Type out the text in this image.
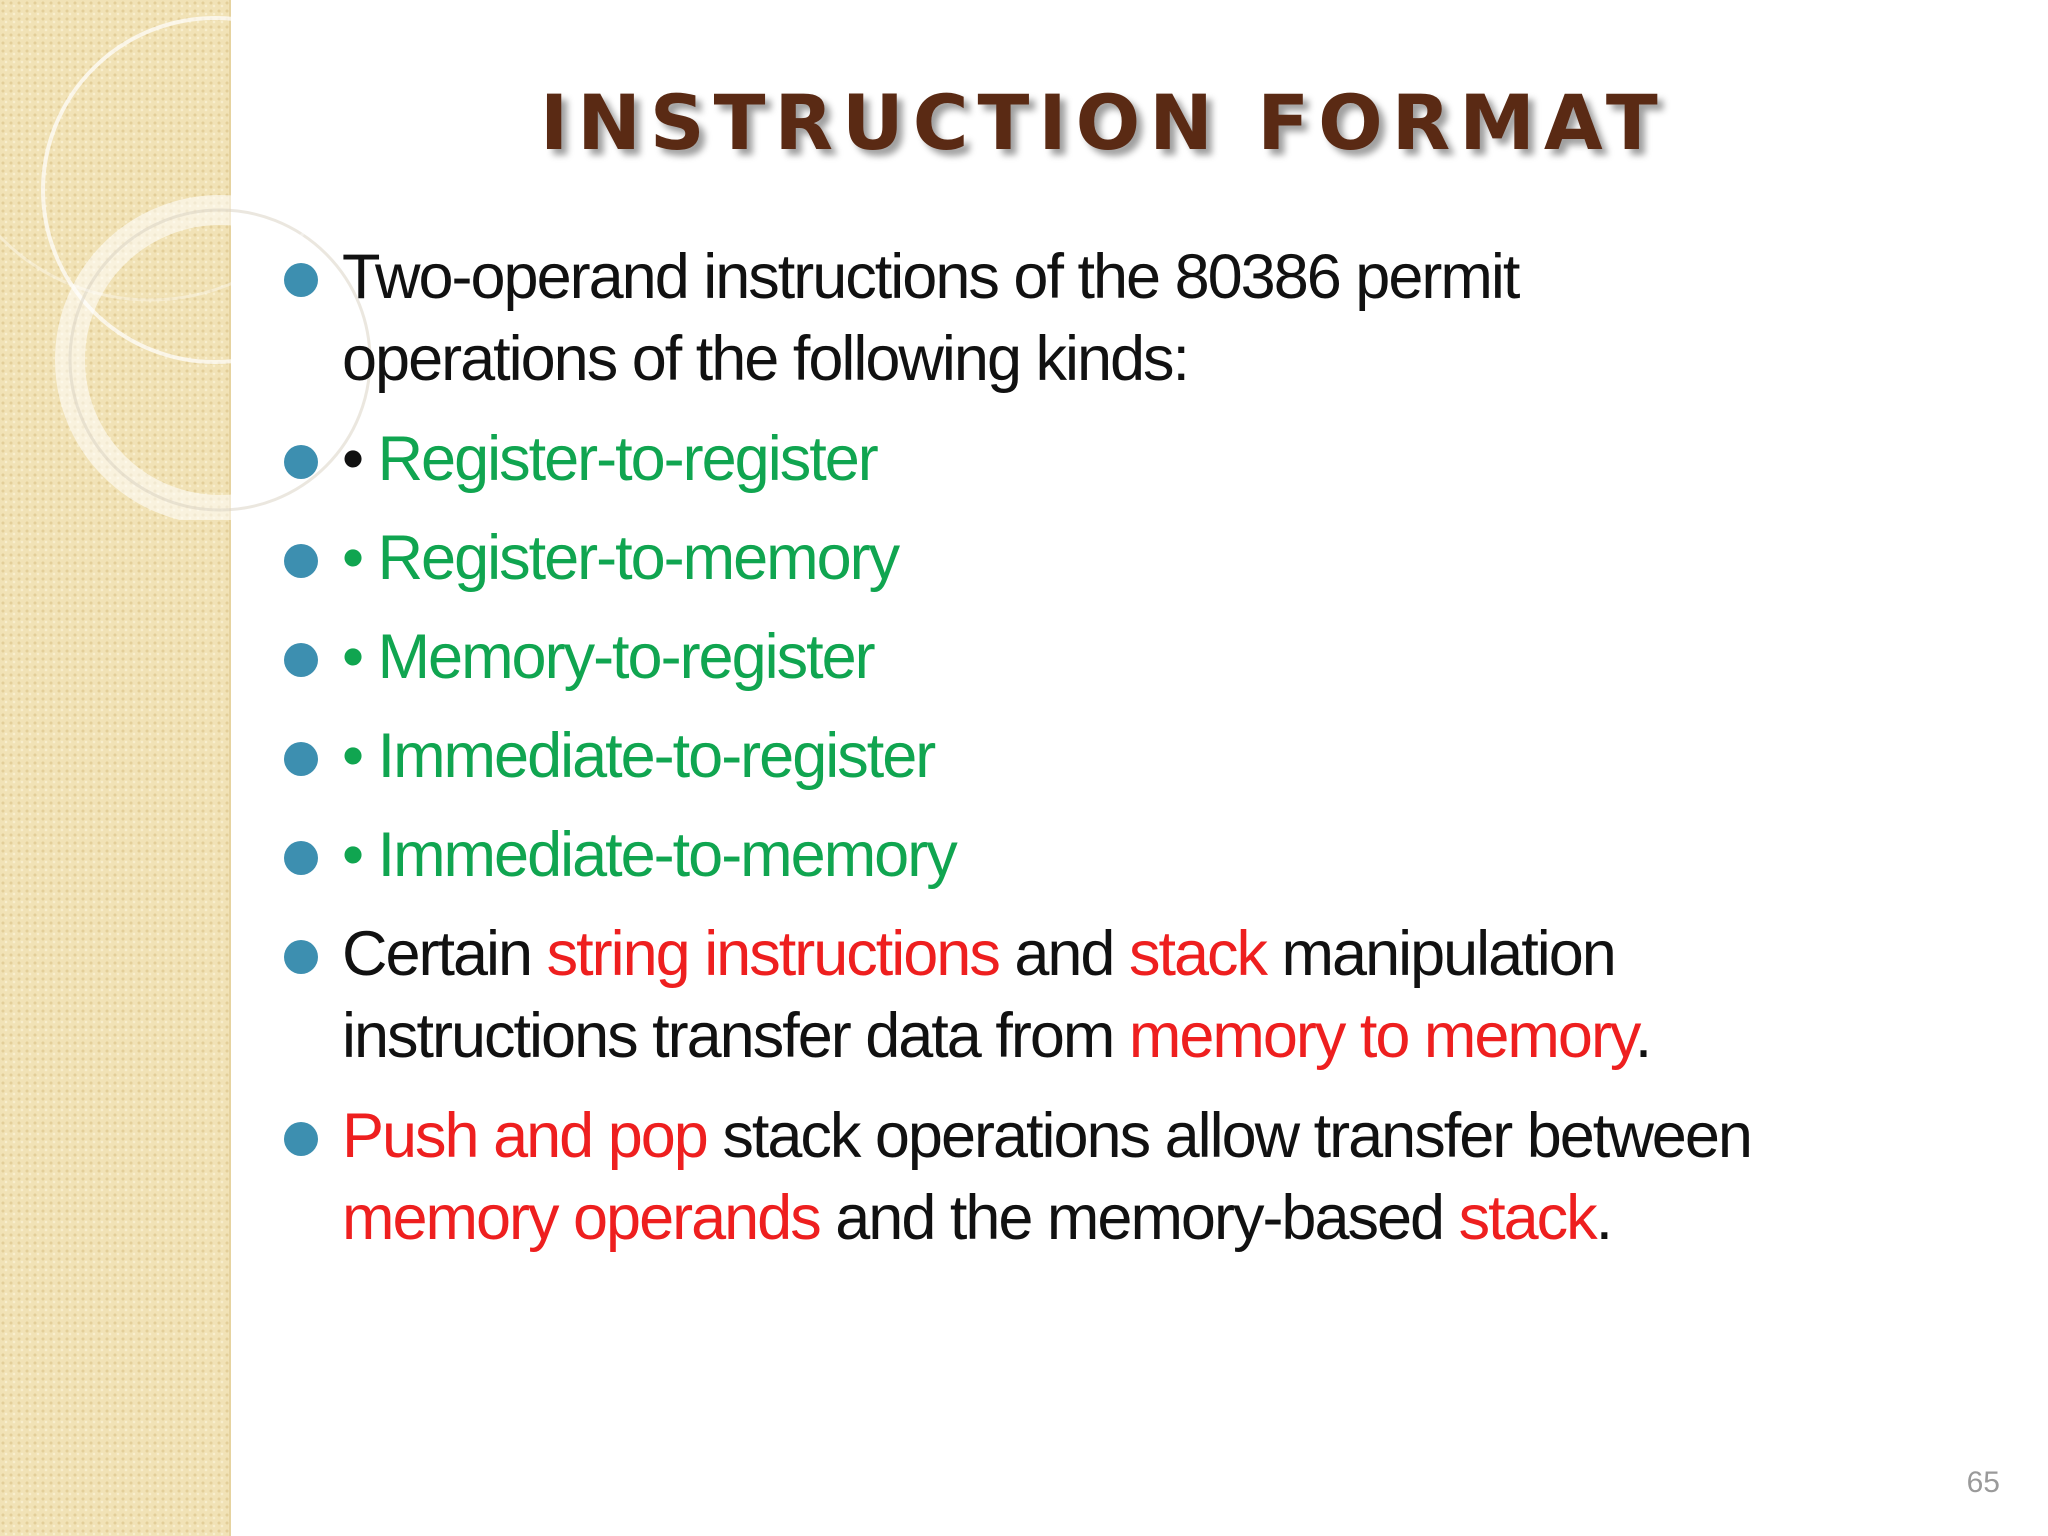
INSTRUCTION FORMAT
Two-operand instructions of the 80386 permit
operations of the following kinds:
• Register-to-register
• Register-to-memory
• Memory-to-register
• Immediate-to-register
• Immediate-to-memory
Certain string instructions and stack manipulation
instructions transfer data from memory to memory.
Push and pop stack operations allow transfer between
memory operands and the memory-based stack.
65
